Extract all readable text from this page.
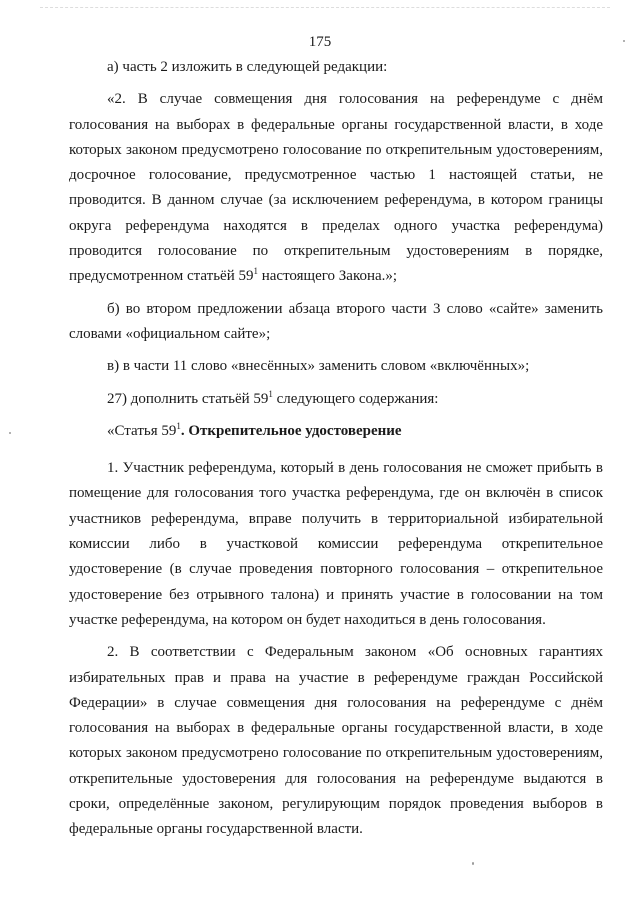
175

а) часть 2 изложить в следующей редакции:

«2. В случае совмещения дня голосования на референдуме с днём голосования на выборах в федеральные органы государственной власти, в ходе которых законом предусмотрено голосование по открепительным удостоверениям, досрочное голосование, предусмотренное частью 1 настоящей статьи, не проводится. В данном случае (за исключением референдума, в котором границы округа референдума находятся в пределах одного участка референдума) проводится голосование по открепительным удостоверениям в порядке, предусмотренном статьёй $59^1$ настоящего Закона.»;

б) во втором предложении абзаца второго части 3 слово «сайте» заменить словами «официальном сайте»;

в) в части 11 слово «внесённых» заменить словом «включённых»;

27) дополнить статьёй $59^1$ следующего содержания:

«Статья $59^1$. Открепительное удостоверение

1. Участник референдума, который в день голосования не сможет прибыть в помещение для голосования того участка референдума, где он включён в список участников референдума, вправе получить в территориальной избирательной комиссии либо в участковой комиссии референдума открепительное удостоверение (в случае проведения повторного голосования – открепительное удостоверение без отрывного талона) и принять участие в голосовании на том участке референдума, на котором он будет находиться в день голосования.

2. В соответствии с Федеральным законом «Об основных гарантиях избирательных прав и права на участие в референдуме граждан Российской Федерации» в случае совмещения дня голосования на референдуме с днём голосования на выборах в федеральные органы государственной власти, в ходе которых законом предусмотрено голосование по открепительным удостоверениям, открепительные удостоверения для голосования на референдуме выдаются в сроки, определённые законом, регулирующим порядок проведения выборов в федеральные органы государственной власти.
